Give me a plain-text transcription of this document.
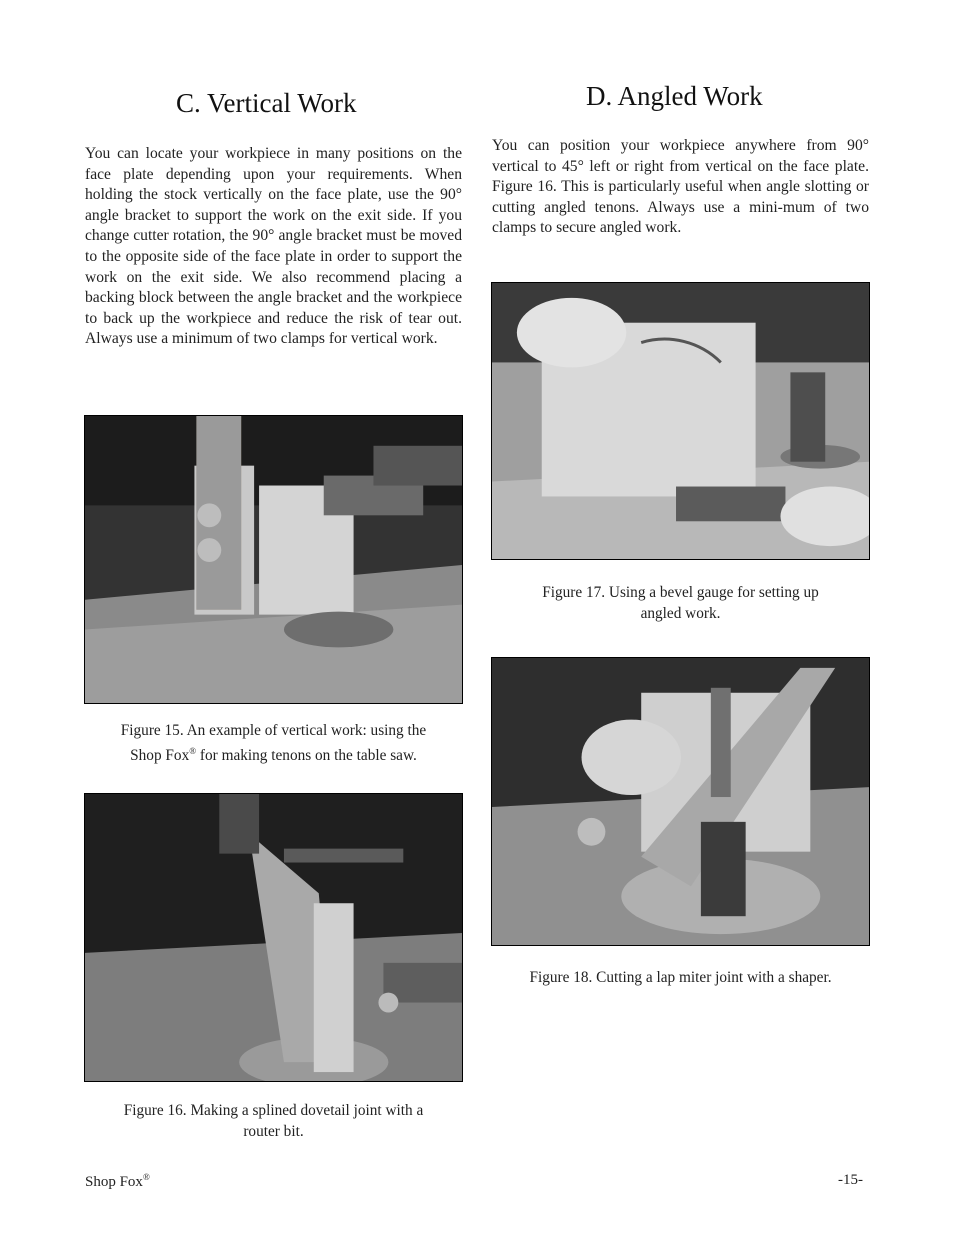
C. Vertical Work

You can locate your workpiece in many positions on the face plate depending upon your requirements. When holding the stock vertically on the face plate, use the 90° angle bracket to support the work on the exit side. If you change cutter rotation, the 90° angle bracket must be moved to the opposite side of the face plate in order to support the work on the exit side. We also recommend placing a backing block between the angle bracket and the workpiece to back up the workpiece and reduce the risk of tear out. Always use a minimum of two clamps for vertical work.

D. Angled Work

You can position your workpiece anywhere from 90° vertical to 45° left or right from vertical on the face plate. Figure 16. This is particularly useful when angle slotting or cutting angled tenons. Always use a mini-mum of two clamps to secure angled work.

Figure 15. An example of vertical work: using the
Shop Fox® for making tenons on the table saw.

Figure 16. Making a splined dovetail joint with a
router bit.

Figure 17. Using a bevel gauge for setting up
angled work.

Figure 18. Cutting a lap miter joint with a shaper.

Shop Fox®	-15-
